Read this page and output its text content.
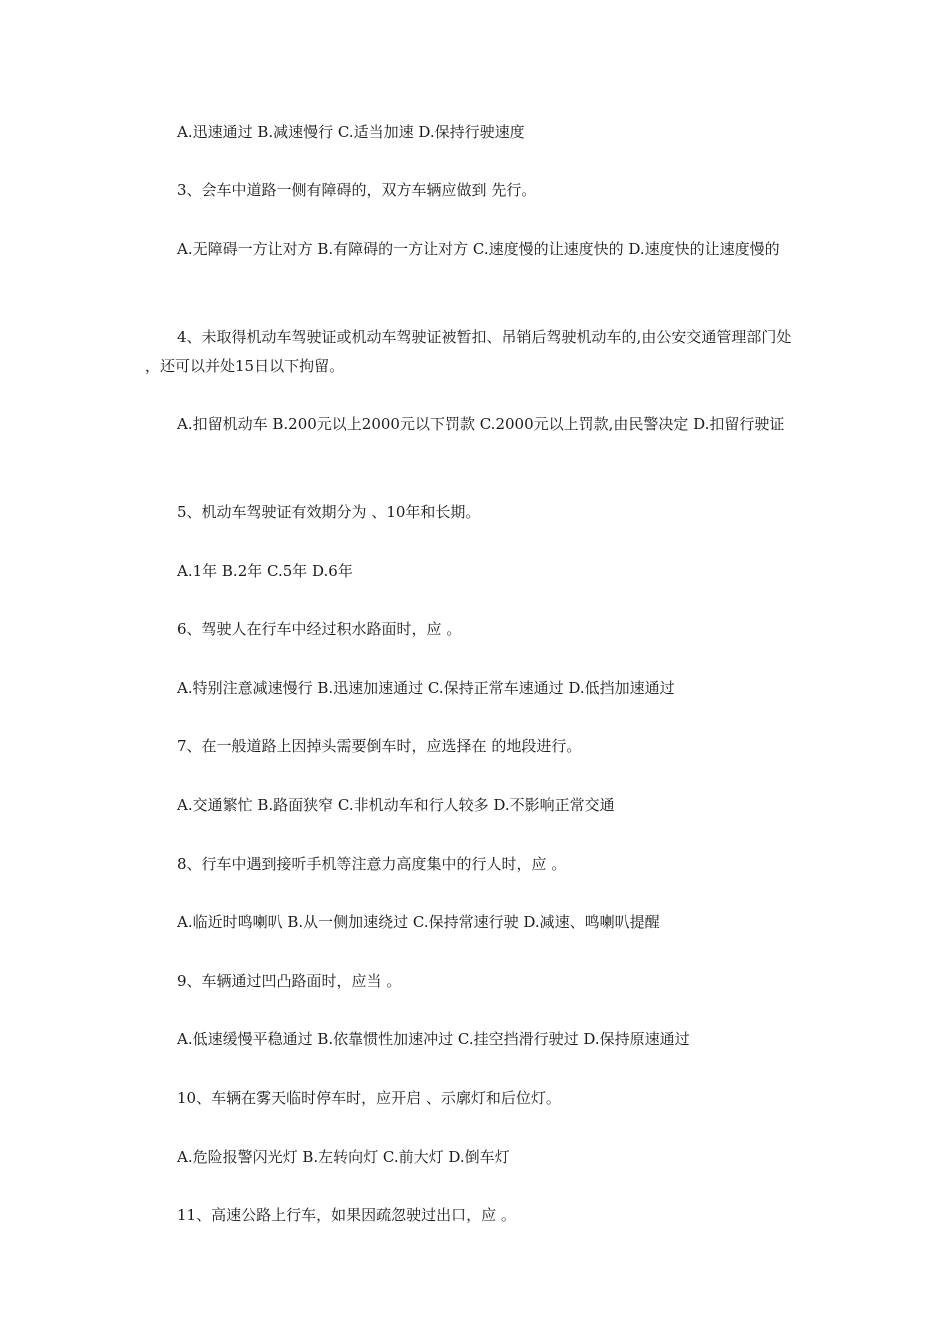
A.迅速通过 B.减速慢行 C.适当加速 D.保持行驶速度

3、会车中道路一侧有障碍的，双方车辆应做到 先行。

A.无障碍一方让对方 B.有障碍的一方让对方 C.速度慢的让速度快的 D.速度快的让速度慢的

4、未取得机动车驾驶证或机动车驾驶证被暂扣、吊销后驾驶机动车的,由公安交通管理部门处 ，还可以并处15日以下拘留。

A.扣留机动车 B.200元以上2000元以下罚款 C.2000元以上罚款,由民警决定 D.扣留行驶证

5、机动车驾驶证有效期分为 、10年和长期。

A.1年 B.2年 C.5年 D.6年

6、驾驶人在行车中经过积水路面时，应 。

A.特别注意减速慢行 B.迅速加速通过 C.保持正常车速通过 D.低挡加速通过

7、在一般道路上因掉头需要倒车时，应选择在 的地段进行。

A.交通繁忙 B.路面狭窄 C.非机动车和行人较多 D.不影响正常交通

8、行车中遇到接听手机等注意力高度集中的行人时，应 。

A.临近时鸣喇叭 B.从一侧加速绕过 C.保持常速行驶 D.减速、鸣喇叭提醒

9、车辆通过凹凸路面时，应当 。

A.低速缓慢平稳通过 B.依靠惯性加速冲过 C.挂空挡滑行驶过 D.保持原速通过

10、车辆在雾天临时停车时，应开启 、示廓灯和后位灯。

A.危险报警闪光灯 B.左转向灯 C.前大灯 D.倒车灯

11、高速公路上行车，如果因疏忽驶过出口，应 。
